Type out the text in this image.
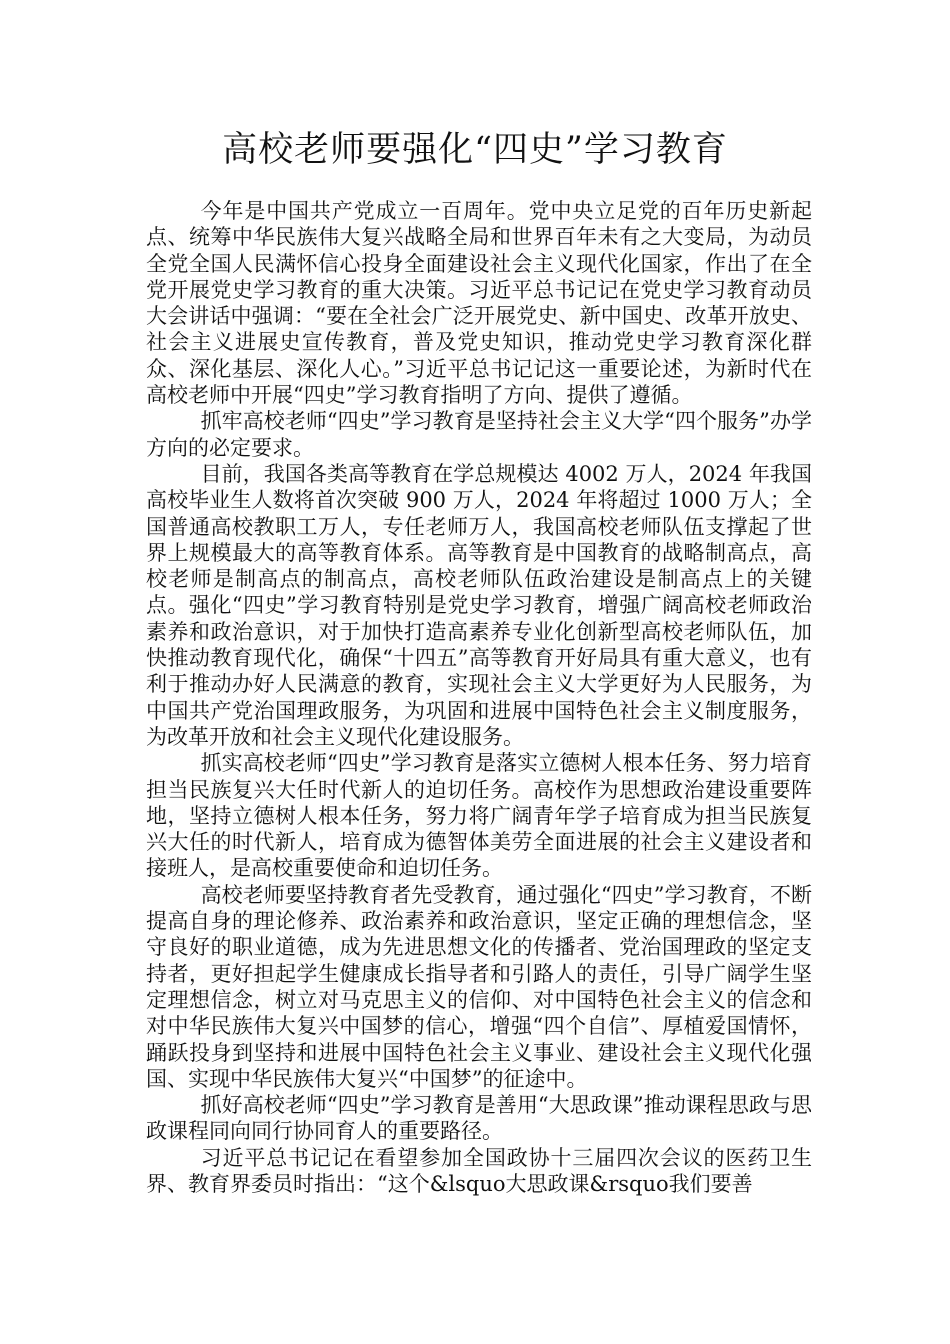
高校老师要强化“四史”学习教育

今年是中国共产党成立一百周年。党中央立足党的百年历史新起点、统筹中华民族伟大复兴战略全局和世界百年未有之大变局，为动员全党全国人民满怀信心投身全面建设社会主义现代化国家，作出了在全党开展党史学习教育的重大决策。习近平总书记记在党史学习教育动员大会讲话中强调：“要在全社会广泛开展党史、新中国史、改革开放史、社会主义进展史宣传教育，普及党史知识，推动党史学习教育深化群众、深化基层、深化人心。”习近平总书记记这一重要论述，为新时代在高校老师中开展“四史”学习教育指明了方向、提供了遵循。

抓牢高校老师“四史”学习教育是坚持社会主义大学“四个服务”办学方向的必定要求。

目前，我国各类高等教育在学总规模达 4002 万人，2024 年我国高校毕业生人数将首次突破 900 万人，2024 年将超过 1000 万人；全国普通高校教职工万人，专任老师万人，我国高校老师队伍支撑起了世界上规模最大的高等教育体系。高等教育是中国教育的战略制高点，高校老师是制高点的制高点，高校老师队伍政治建设是制高点上的关键点。强化“四史”学习教育特别是党史学习教育，增强广阔高校老师政治素养和政治意识，对于加快打造高素养专业化创新型高校老师队伍，加快推动教育现代化，确保“十四五”高等教育开好局具有重大意义，也有利于推动办好人民满意的教育，实现社会主义大学更好为人民服务，为中国共产党治国理政服务，为巩固和进展中国特色社会主义制度服务，为改革开放和社会主义现代化建设服务。

抓实高校老师“四史”学习教育是落实立德树人根本任务、努力培育担当民族复兴大任时代新人的迫切任务。高校作为思想政治建设重要阵地，坚持立德树人根本任务，努力将广阔青年学子培育成为担当民族复兴大任的时代新人，培育成为德智体美劳全面进展的社会主义建设者和接班人，是高校重要使命和迫切任务。

高校老师要坚持教育者先受教育，通过强化“四史”学习教育，不断提高自身的理论修养、政治素养和政治意识，坚定正确的理想信念，坚守良好的职业道德，成为先进思想文化的传播者、党治国理政的坚定支持者，更好担起学生健康成长指导者和引路人的责任，引导广阔学生坚定理想信念，树立对马克思主义的信仰、对中国特色社会主义的信念和对中华民族伟大复兴中国梦的信心，增强“四个自信”、厚植爱国情怀，踊跃投身到坚持和进展中国特色社会主义事业、建设社会主义现代化强国、实现中华民族伟大复兴“中国梦”的征途中。

抓好高校老师“四史”学习教育是善用“大思政课”推动课程思政与思政课程同向同行协同育人的重要路径。

习近平总书记记在看望参加全国政协十三届四次会议的医药卫生界、教育界委员时指出：“这个&lsquo大思政课&rsquo我们要善
